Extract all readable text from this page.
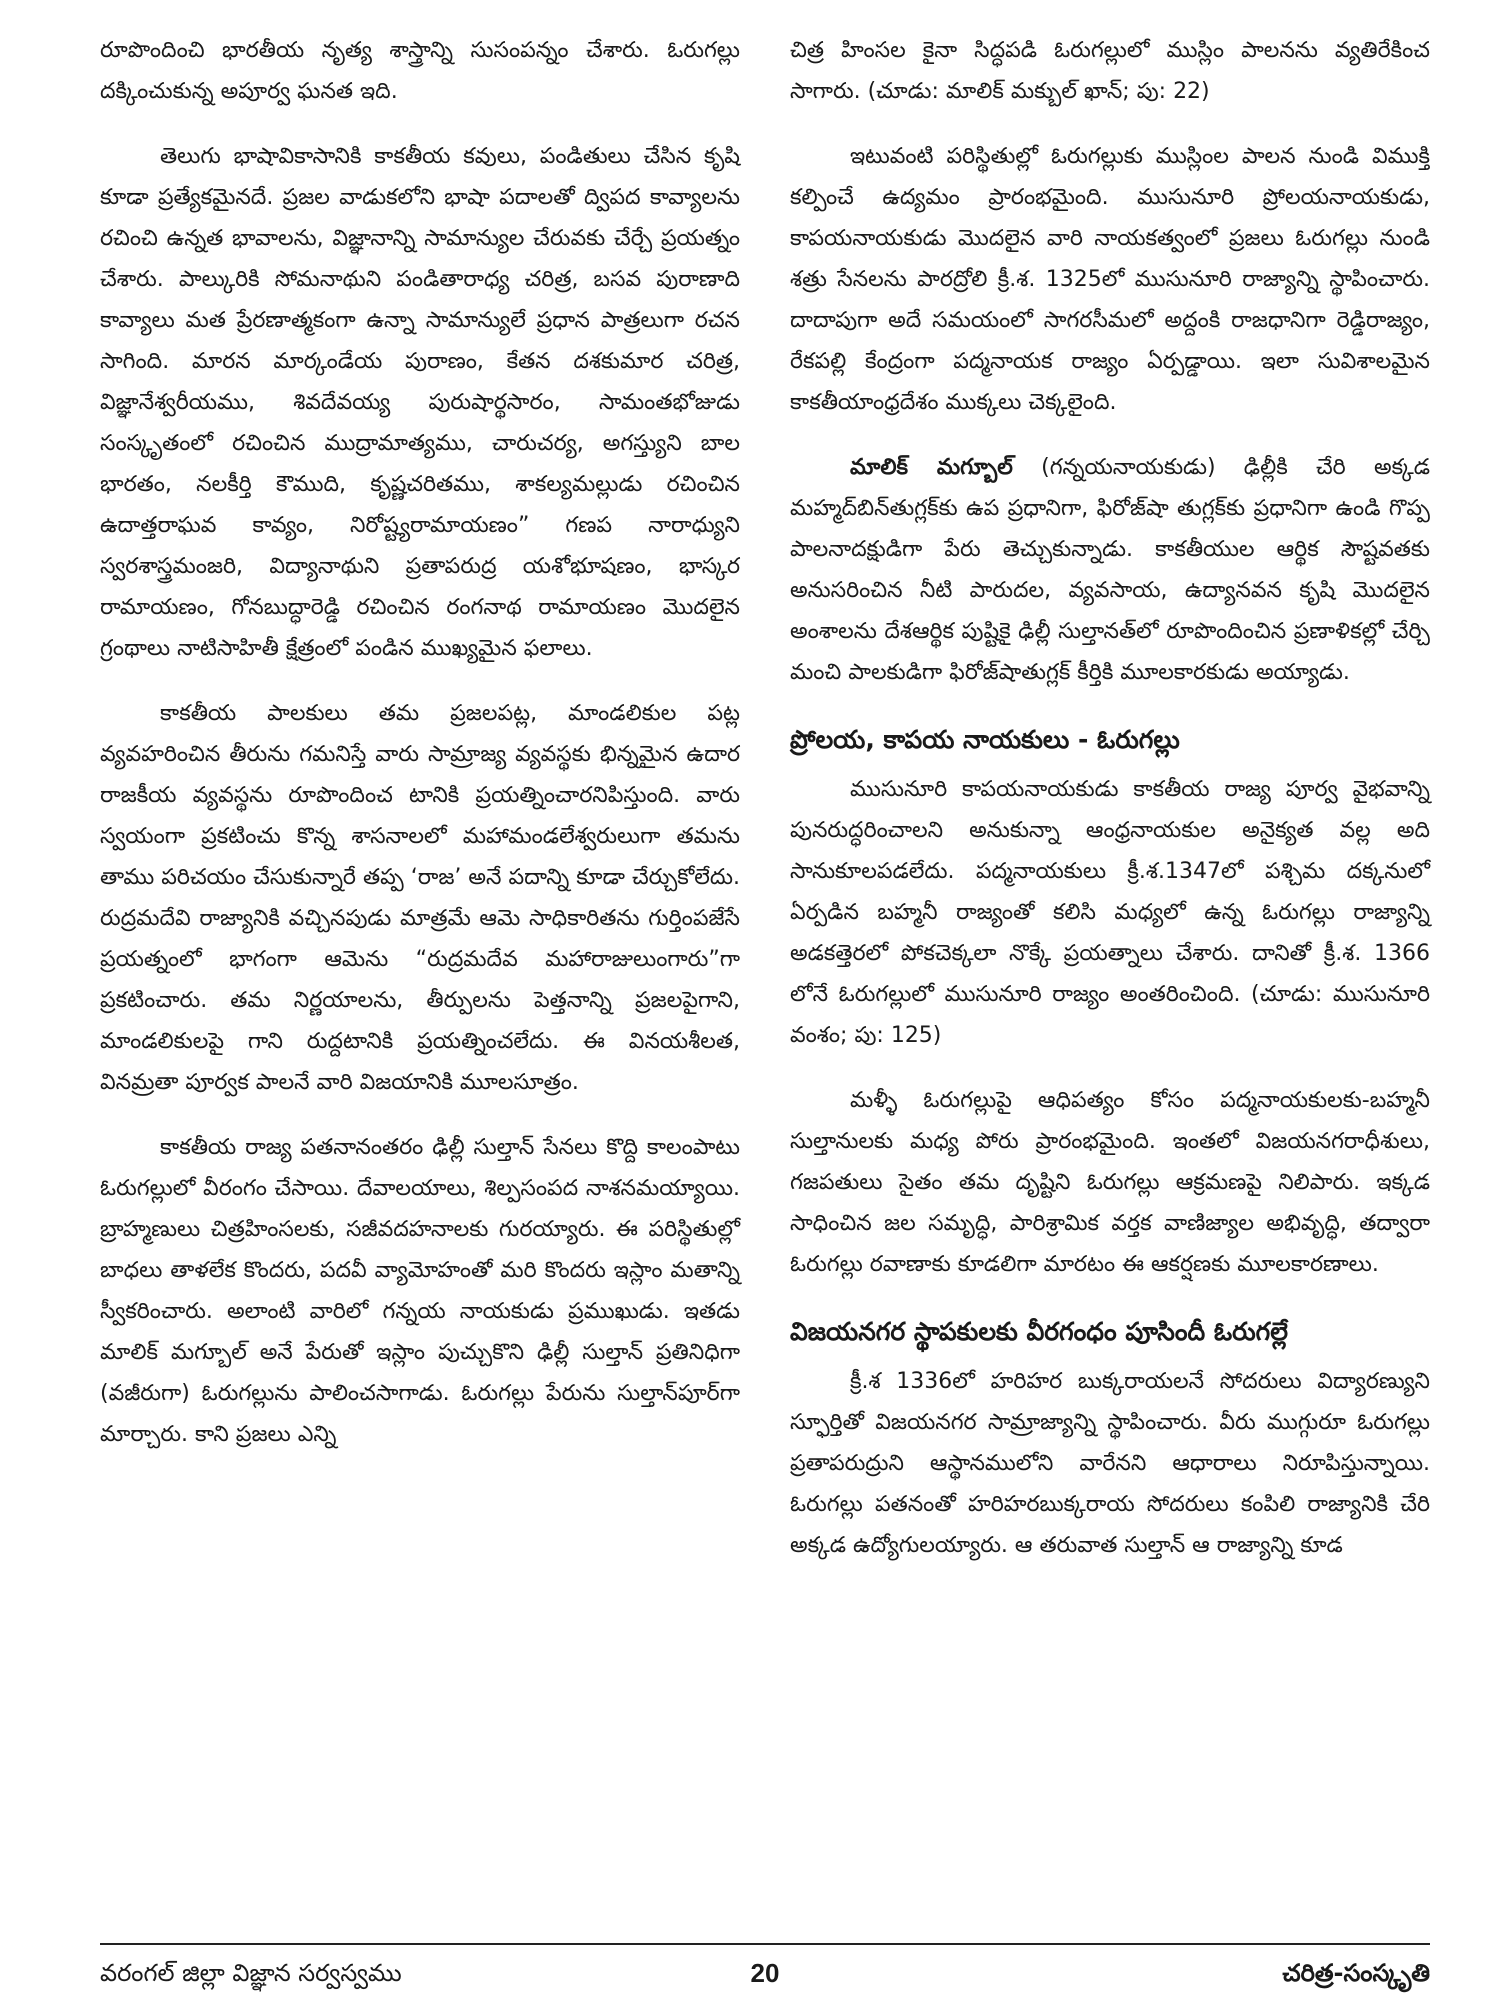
రూపొందించి భారతీయ నృత్య శాస్త్రాన్ని సుసంపన్నం చేశారు. ఓరుగల్లు దక్కించుకున్న అపూర్వ ఘనత ఇది.

తెలుగు భాషావికాసానికి కాకతీయ కవులు, పండితులు చేసిన కృషి కూడా ప్రత్యేకమైనదే. ప్రజల వాడుకలోని భాషా పదాలతో ద్విపద కావ్యాలను రచించి ఉన్నత భావాలను, విజ్ఞానాన్ని సామాన్యుల చేరువకు చేర్చే ప్రయత్నం చేశారు. పాల్కురికి సోమనాథుని పండితారాధ్య చరిత్ర, బసవ పురాణాది కావ్యాలు మత ప్రేరణాత్మకంగా ఉన్నా సామాన్యులే ప్రధాన పాత్రలుగా రచన సాగింది. మారన మార్కండేయ పురాణం, కేతన దశకుమార చరిత్ర, విజ్ఞానేశ్వరీయము, శివదేవయ్య పురుషార్థసారం, సామంతభోజుడు సంస్కృతంలో రచించిన ముద్రామాత్యము, చారుచర్య, అగస్త్యుని బాల భారతం, నలకీర్తి కౌముది, కృష్ణచరితము, శాకల్యమల్లుడు రచించిన ఉదాత్తరాఘవ కావ్యం, నిరోష్ట్యరామాయణం” గణప నారాధ్యుని స్వరశాస్త్రమంజరి, విద్యానాథుని ప్రతాపరుద్ర యశోభూషణం, భాస్కర రామాయణం, గోనబుద్ధారెడ్డి రచించిన రంగనాథ రామాయణం మొదలైన గ్రంథాలు నాటిసాహితీ క్షేత్రంలో పండిన ముఖ్యమైన ఫలాలు.

కాకతీయ పాలకులు తమ ప్రజలపట్ల, మాండలికుల పట్ల వ్యవహరించిన తీరును గమనిస్తే వారు సామ్రాజ్య వ్యవస్థకు భిన్నమైన ఉదార రాజకీయ వ్యవస్థను రూపొందించ టానికి ప్రయత్నించారనిపిస్తుంది. వారు స్వయంగా ప్రకటించు కొన్న శాసనాలలో మహామండలేశ్వరులుగా తమను తాము పరిచయం చేసుకున్నారే తప్ప ‘రాజ’ అనే పదాన్ని కూడా చేర్చుకోలేదు. రుద్రమదేవి రాజ్యానికి వచ్చినపుడు మాత్రమే ఆమె సాధికారితను గుర్తింపజేసే ప్రయత్నంలో భాగంగా ఆమెను “రుద్రమదేవ మహారాజులుంగారు”గా ప్రకటించారు. తమ నిర్ణయాలను, తీర్పులను పెత్తనాన్ని ప్రజలపైగాని, మాండలికులపై గాని రుద్దటానికి ప్రయత్నించలేదు. ఈ వినయశీలత, వినమ్రతా పూర్వక పాలనే వారి విజయానికి మూలసూత్రం.

కాకతీయ రాజ్య పతనానంతరం ఢిల్లీ సుల్తాన్ సేనలు కొద్ది కాలంపాటు ఓరుగల్లులో వీరంగం చేసాయి. దేవాలయాలు, శిల్పసంపద నాశనమయ్యాయి. బ్రాహ్మణులు చిత్రహింసలకు, సజీవదహనాలకు గురయ్యారు. ఈ పరిస్థితుల్లో బాధలు తాళలేక కొందరు, పదవీ వ్యామోహంతో మరి కొందరు ఇస్లాం మతాన్ని స్వీకరించారు. అలాంటి వారిలో గన్నయ నాయకుడు ప్రముఖుడు. ఇతడు మాలిక్ మగ్బూల్ అనే పేరుతో ఇస్లాం పుచ్చుకొని ఢిల్లీ సుల్తాన్ ప్రతినిధిగా (వజీరుగా) ఓరుగల్లును పాలించసాగాడు. ఓరుగల్లు పేరును సుల్తాన్‌పూర్‌గా మార్చారు. కాని ప్రజలు ఎన్ని

చిత్ర హింసల కైనా సిద్ధపడి ఓరుగల్లులో ముస్లిం పాలనను వ్యతిరేకించ సాగారు. (చూడు: మాలిక్ మక్బుల్ ఖాన్; పు: 22)

ఇటువంటి పరిస్థితుల్లో ఓరుగల్లుకు ముస్లింల పాలన నుండి విముక్తి కల్పించే ఉద్యమం ప్రారంభమైంది. ముసునూరి ప్రోలయనాయకుడు, కాపయనాయకుడు మొదలైన వారి నాయకత్వంలో ప్రజలు ఓరుగల్లు నుండి శత్రు సేనలను పారద్రోలి క్రీ.శ. 1325లో ముసునూరి రాజ్యాన్ని స్థాపించారు. దాదాపుగా అదే సమయంలో సాగరసీమలో అద్దంకి రాజధానిగా రెడ్డిరాజ్యం, రేకపల్లి కేంద్రంగా పద్మనాయక రాజ్యం ఏర్పడ్డాయి. ఇలా సువిశాలమైన కాకతీయాంధ్రదేశం ముక్కలు చెక్కలైంది.

మాలిక్ మగ్బూల్ (గన్నయనాయకుడు) ఢిల్లీకి చేరి అక్కడ మహ్మద్‌బిన్‌తుగ్లక్‌కు ఉప ప్రధానిగా, ఫిరోజ్‌షా తుగ్లక్‌కు ప్రధానిగా ఉండి గొప్ప పాలనాదక్షుడిగా పేరు తెచ్చుకున్నాడు. కాకతీయుల ఆర్థిక సౌష్టవతకు అనుసరించిన నీటి పారుదల, వ్యవసాయ, ఉద్యానవన కృషి మొదలైన అంశాలను దేశఆర్థిక పుష్టికై ఢిల్లీ సుల్తానత్‌లో రూపొందించిన ప్రణాళికల్లో చేర్చి మంచి పాలకుడిగా ఫిరోజ్‌షాతుగ్లక్ కీర్తికి మూలకారకుడు అయ్యాడు.

ప్రోలయ, కాపయ నాయకులు - ఓరుగల్లు

ముసునూరి కాపయనాయకుడు కాకతీయ రాజ్య పూర్వ వైభవాన్ని పునరుద్ధరించాలని అనుకున్నా ఆంధ్రనాయకుల అనైక్యత వల్ల అది సానుకూలపడలేదు. పద్మనాయకులు క్రీ.శ.1347లో పశ్చిమ దక్కనులో ఏర్పడిన బహ్మనీ రాజ్యంతో కలిసి మధ్యలో ఉన్న ఓరుగల్లు రాజ్యాన్ని అడకత్తెరలో పోకచెక్కలా నొక్కే ప్రయత్నాలు చేశారు. దానితో క్రీ.శ. 1366 లోనే ఓరుగల్లులో ముసునూరి రాజ్యం అంతరించింది. (చూడు: ముసునూరి వంశం; పు: 125)

మళ్ళీ ఓరుగల్లుపై ఆధిపత్యం కోసం పద్మనాయకులకు-బహ్మనీ సుల్తానులకు మధ్య పోరు ప్రారంభమైంది. ఇంతలో విజయనగరాధీశులు, గజపతులు సైతం తమ దృష్టిని ఓరుగల్లు ఆక్రమణపై నిలిపారు. ఇక్కడ సాధించిన జల సమృద్ధి, పారిశ్రామిక వర్తక వాణిజ్యాల అభివృద్ధి, తద్వారా ఓరుగల్లు రవాణాకు కూడలిగా మారటం ఈ ఆకర్షణకు మూలకారణాలు.

విజయనగర స్థాపకులకు వీరగంధం పూసిందీ ఓరుగల్లే

క్రీ.శ 1336లో హరిహర బుక్కరాయలనే సోదరులు విద్యారణ్యుని స్ఫూర్తితో విజయనగర సామ్రాజ్యాన్ని స్థాపించారు. వీరు ముగ్గురూ ఓరుగల్లు ప్రతాపరుద్రుని ఆస్థానములోని వారేనని ఆధారాలు నిరూపిస్తున్నాయి. ఓరుగల్లు పతనంతో హరిహరబుక్కరాయ సోదరులు కంపిలి రాజ్యానికి చేరి అక్కడ ఉద్యోగులయ్యారు. ఆ తరువాత సుల్తాన్ ఆ రాజ్యాన్ని కూడ

వరంగల్ జిల్లా విజ్ఞాన సర్వస్వము	20	చరిత్ర-సంస్కృతి
